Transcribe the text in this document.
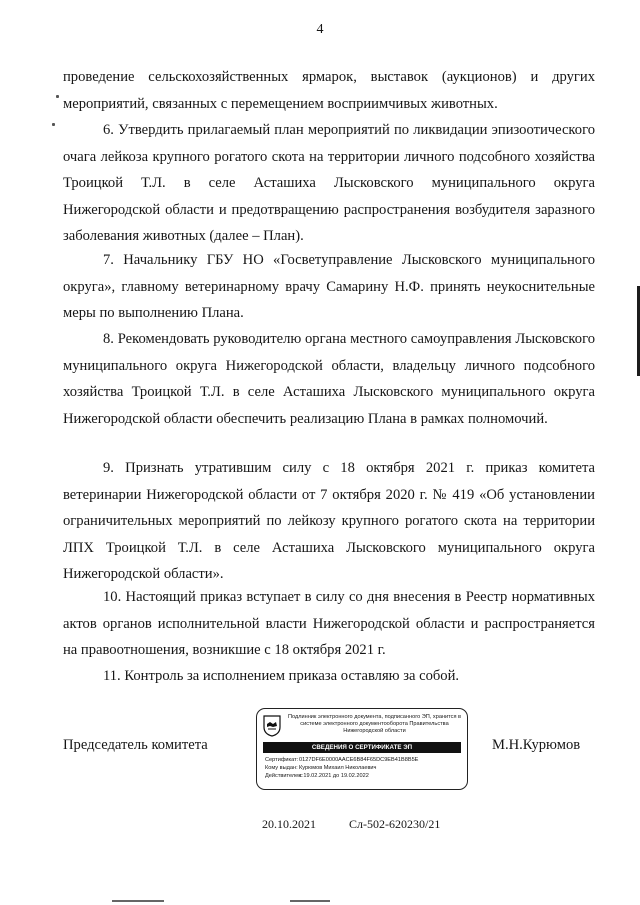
4

проведение сельскохозяйственных ярмарок, выставок (аукционов) и других мероприятий, связанных с перемещением восприимчивых животных.

6. Утвердить прилагаемый план мероприятий по ликвидации эпизоотического очага лейкоза крупного рогатого скота на территории личного подсобного хозяйства Троицкой Т.Л. в селе Асташиха Лысковского муниципального округа Нижегородской области и предотвращению распространения возбудителя заразного заболевания животных (далее – План).

7. Начальнику ГБУ НО «Госветуправление Лысковского муниципального округа», главному ветеринарному врачу Самарину Н.Ф. принять неукоснительные меры по выполнению Плана.

8. Рекомендовать руководителю органа местного самоуправления Лысковского муниципального округа Нижегородской области, владельцу личного подсобного хозяйства Троицкой Т.Л. в селе Асташиха Лысковского муниципального округа Нижегородской области обеспечить реализацию Плана в рамках полномочий.

9. Признать утратившим силу с 18 октября 2021 г. приказ комитета ветеринарии Нижегородской области от 7 октября 2020 г. № 419 «Об установлении ограничительных мероприятий по лейкозу крупного рогатого скота на территории ЛПХ Троицкой Т.Л. в селе Асташиха Лысковского муниципального округа Нижегородской области».

10. Настоящий приказ вступает в силу со дня внесения в Реестр нормативных актов органов исполнительной власти Нижегородской области и распространяется на правоотношения, возникшие с 18 октября 2021 г.

11. Контроль за исполнением приказа оставляю за собой.

Председатель комитета
Подлинник электронного документа, подписанного ЭП, хранится в системе электронного документооборота Правительства Нижегородской области
СВЕДЕНИЯ О СЕРТИФИКАТЕ ЭП
Сертификат:0127DF6E0000AACE6B84F65DC9EB41B8B5E
Кому выдан:Курюмов Михаил Николаевич
Действителен:с 19.02.2021 до 19.02.2022
М.Н.Курюмов
20.10.2021	Сл-502-620230/21
